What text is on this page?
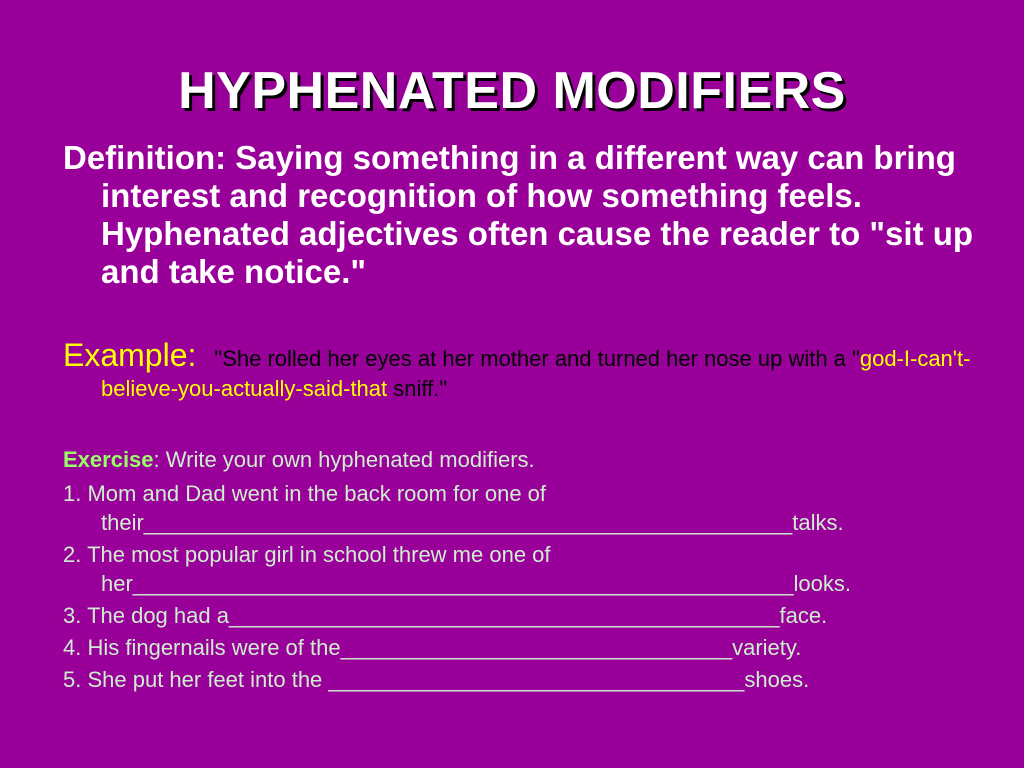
HYPHENATED MODIFIERS

Definition: Saying something in a different way can bring interest and recognition of how something feels. Hyphenated adjectives often cause the reader to "sit up and take notice."

Example: "She rolled her eyes at her mother and turned her nose up with a "god-I-can't-believe-you-actually-said-that sniff."

Exercise: Write your own hyphenated modifiers.
1. Mom and Dad went in the back room for one of their_____________________________________________________talks.
2. The most popular girl in school threw me one of her______________________________________________________looks.
3. The dog had a_____________________________________________face.
4. His fingernails were of the________________________________variety.
5. She put her feet into the __________________________________shoes.
